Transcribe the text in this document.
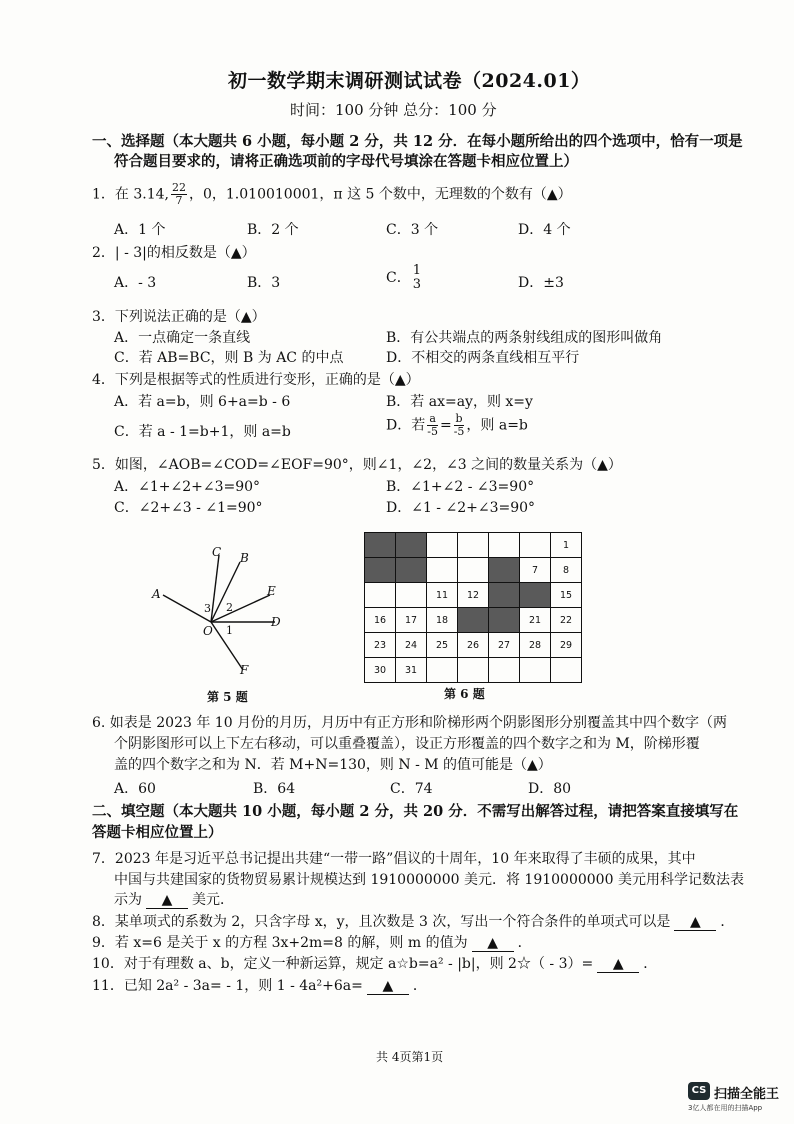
初一数学期末调研测试试卷（2024.01）
时间：100 分钟 总分：100 分
一、选择题（本大题共 6 小题，每小题 2 分，共 12 分．在每小题所给出的四个选项中，恰有一项是
符合题目要求的，请将正确选项前的字母代号填涂在答题卡相应位置上）
1．在 3.14, $\frac{22}{7}$ ，0，1.010010001，π 这 5 个数中，无理数的个数有（▲）
A．1 个	B．2 个	C．3 个	D．4 个
2．| - 3|的相反数是（▲）
A．- 3	B．3	C． 1
3	D．±3
3．下列说法正确的是（▲）
A．一点确定一条直线	B．有公共端点的两条射线组成的图形叫做角
C．若 AB=BC，则 B 为 AC 的中点	D．不相交的两条直线相互平行
4．下列是根据等式的性质进行变形，正确的是（▲）
A．若 a=b，则 6+a=b - 6	B．若 ax=ay，则 x=y
C．若 a - 1=b+1，则 a=b	D．若 $\frac{a}{-5} = \frac{b}{-5}$ ，则 a=b
5．如图，∠AOB=∠COD=∠EOF=90°，则∠1，∠2，∠3 之间的数量关系为（▲）
A．∠1+∠2+∠3=90°	B．∠1+∠2 - ∠3=90°
C．∠2+∠3 - ∠1=90°	D．∠1 - ∠2+∠3=90°
C B
E
D
F
A
O
3 2
1
第 5 题
						1
					7	8
		11	12			15
16	17	18			21	22
23	24	25	26	27	28	29
30	31					
第 6 题
6. 如表是 2023 年 10 月份的月历，月历中有正方形和阶梯形两个阴影图形分别覆盖其中四个数字（两
个阴影图形可以上下左右移动，可以重叠覆盖），设正方形覆盖的四个数字之和为 M，阶梯形覆
盖的四个数字之和为 N．若 M+N=130，则 N - M 的值可能是（▲）
A．60	B．64	C．74	D．80
二、填空题（本大题共 10 小题，每小题 2 分，共 20 分．不需写出解答过程，请把答案直接填写在
答题卡相应位置上）
7．2023 年是习近平总书记提出共建“一带一路”倡议的十周年，10 年来取得了丰硕的成果，其中
中国与共建国家的货物贸易累计规模达到 1910000000 美元．将 1910000000 美元用科学记数法表
示为 ▲ 美元．
8．某单项式的系数为 2，只含字母 x，y，且次数是 3 次，写出一个符合条件的单项式可以是 ▲ ．
9．若 x=6 是关于 x 的方程 3x+2m=8 的解，则 m 的值为 ▲ ．
10．对于有理数 a、b，定义一种新运算，规定 a☆b=a² - |b|，则 2☆（ - 3）= ▲ ．
11．已知 2a² - 3a= - 1，则 1 - 4a²+6a= ▲ ．
共 4页第1页
CS 扫描全能王
3亿人都在用的扫描App
